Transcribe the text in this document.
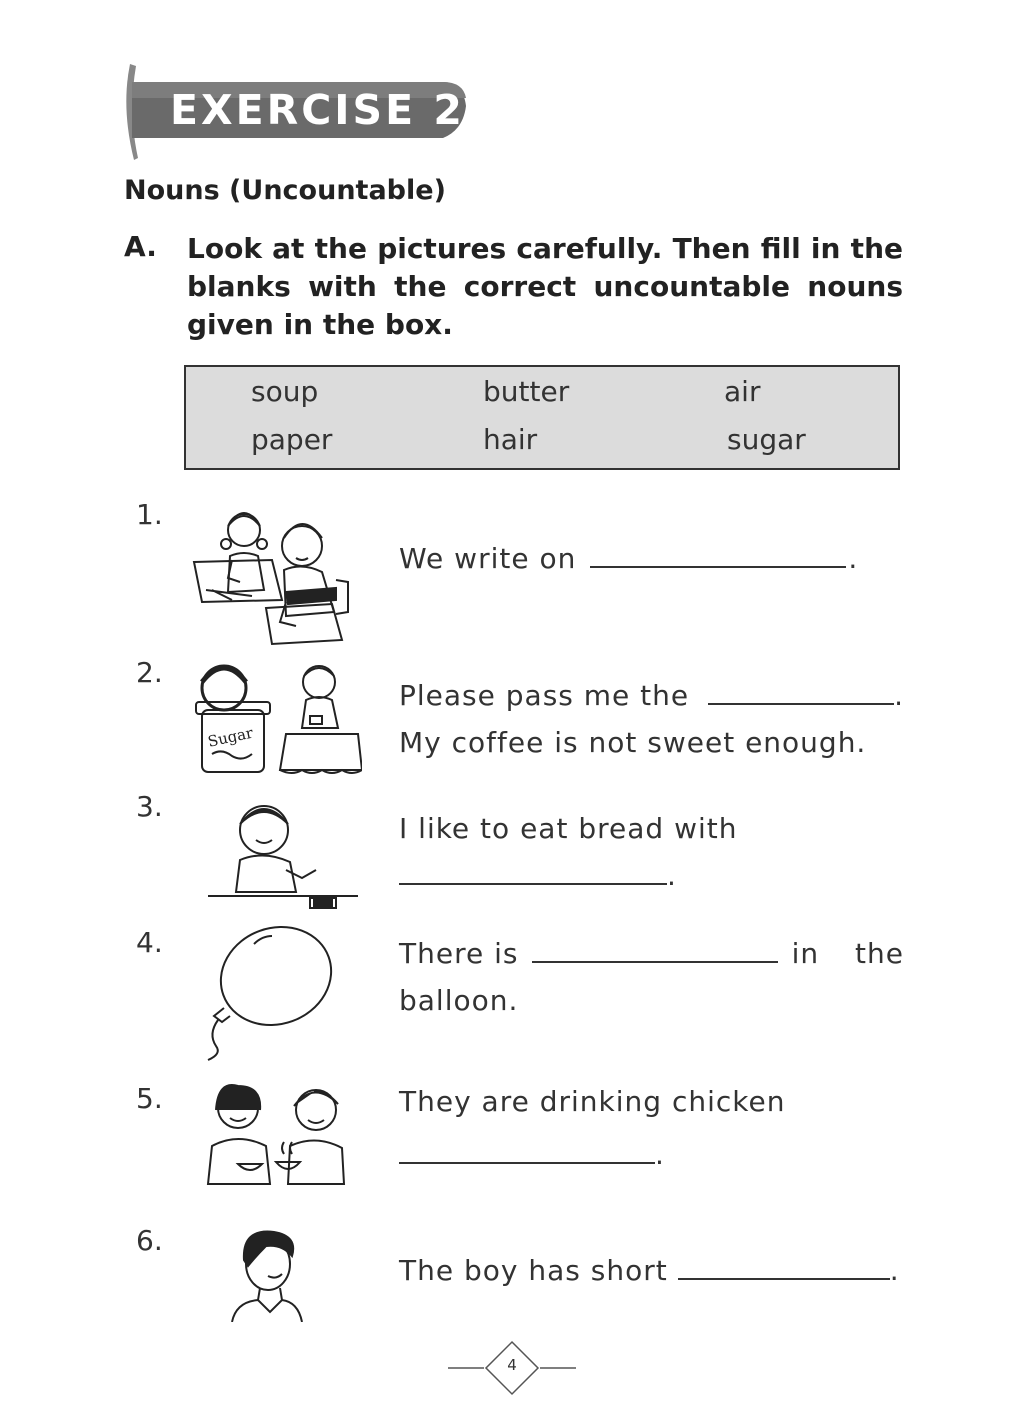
EXERCISE 2
Nouns (Uncountable)
A. Look at the pictures carefully. Then fill in the blanks with the correct uncountable nouns given in the box.
soup	butter	air
paper	hair	sugar
1.
We write on	.
2.
Sugar
Please pass me the	.
My coffee is not sweet enough.
3.
I like to eat bread with
.
4.	There is	in the
balloon.
5.	They are drinking chicken
.
6.
The boy has short	.
4
